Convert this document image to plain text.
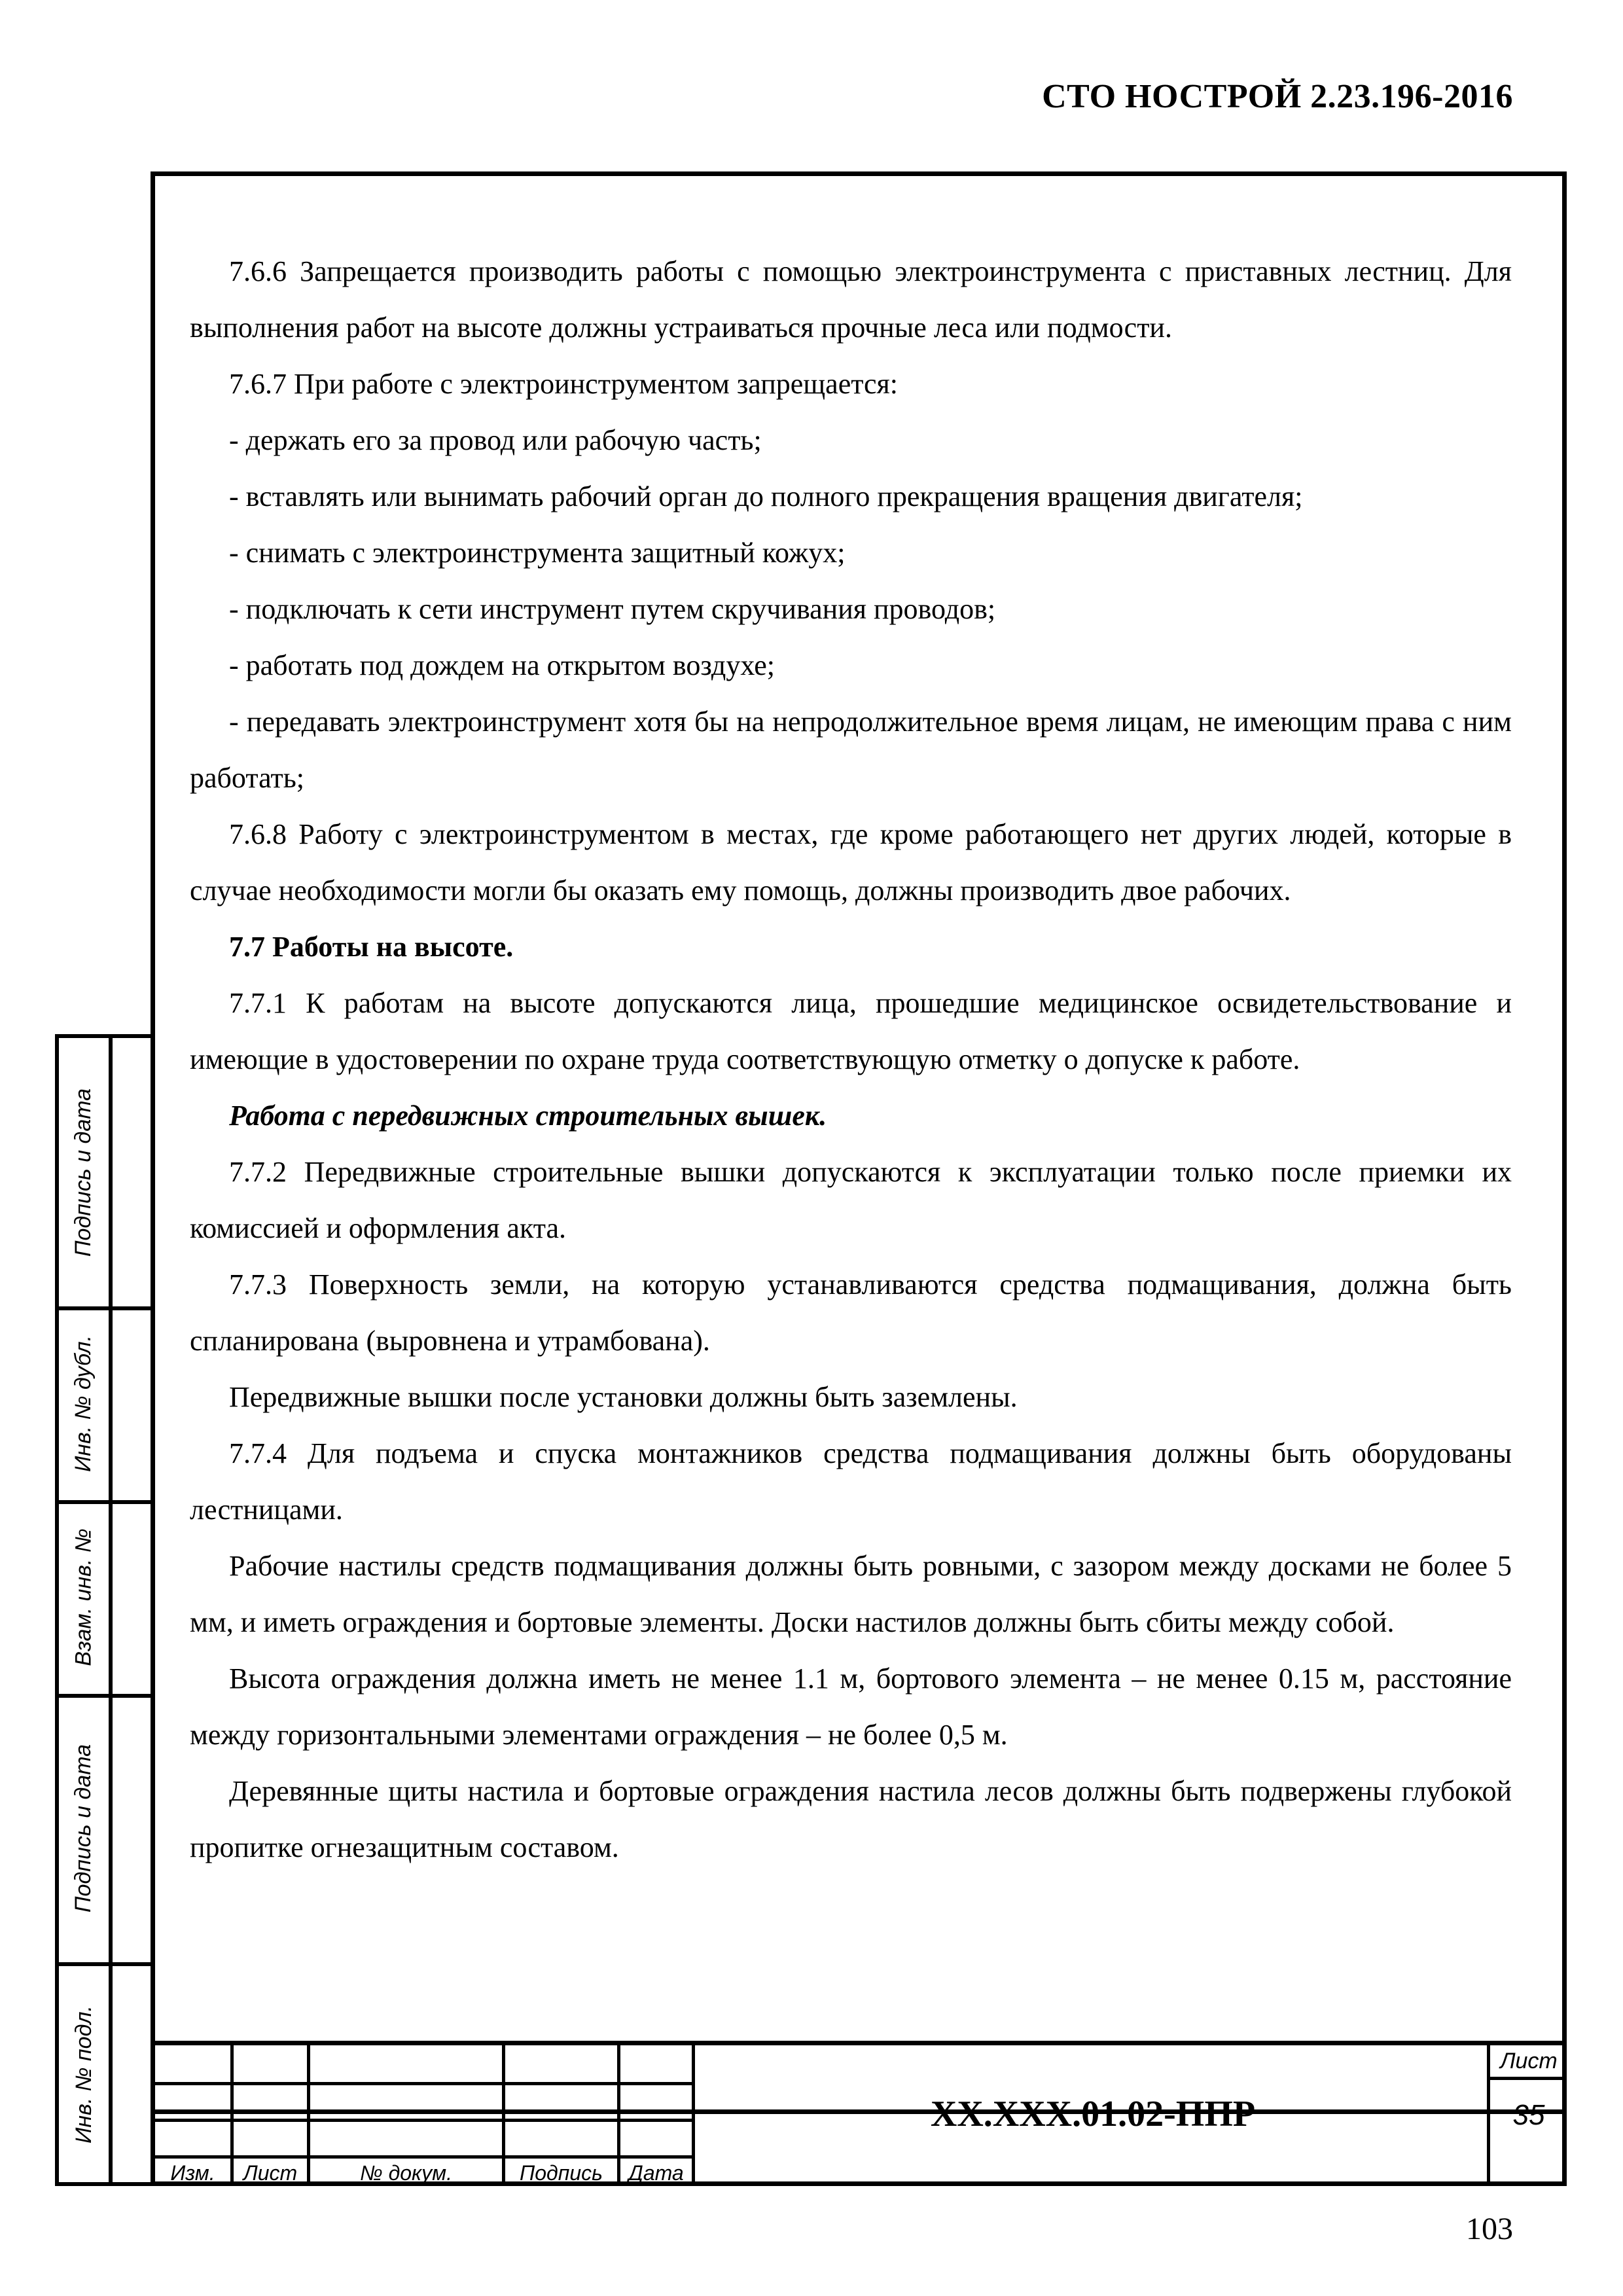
СТО НОСТРОЙ 2.23.196-2016

7.6.6 Запрещается производить работы с помощью электроинструмента с приставных лестниц. Для выполнения работ на высоте должны устраиваться прочные леса или подмости.

7.6.7 При работе с электроинструментом запрещается:

- держать его за провод или рабочую часть;

- вставлять или вынимать рабочий орган до полного прекращения вращения двигателя;

- снимать с электроинструмента защитный кожух;

- подключать к сети инструмент путем скручивания проводов;

- работать под дождем на открытом воздухе;

- передавать электроинструмент хотя бы на непродолжительное время лицам, не имеющим права с ним работать;

7.6.8 Работу с электроинструментом в местах, где кроме работающего нет других людей, которые в случае необходимости могли бы оказать ему помощь, должны производить двое рабочих.

7.7 Работы на высоте.

7.7.1 К работам на высоте допускаются лица, прошедшие медицинское освидетельствование и имеющие в удостоверении по охране труда соответствующую отметку о допуске к работе.

Работа с передвижных строительных вышек.

7.7.2 Передвижные строительные вышки допускаются к эксплуатации только после приемки их комиссией и оформления акта.

7.7.3 Поверхность земли, на которую устанавливаются средства подмащивания, должна быть спланирована (выровнена и утрамбована).

Передвижные вышки после установки должны быть заземлены.

7.7.4 Для подъема и спуска монтажников средства подмащивания должны быть оборудованы лестницами.

Рабочие настилы средств подмащивания должны быть ровными, с зазором между досками не более 5 мм, и иметь ограждения и бортовые элементы. Доски настилов должны быть сбиты между собой.

Высота ограждения должна иметь не менее 1.1 м, бортового элемента – не менее 0.15 м, расстояние между горизонтальными элементами ограждения – не более 0,5 м.

Деревянные щиты настила и бортовые ограждения настила лесов должны быть подвержены глубокой пропитке огнезащитным составом.

Подпись и дата
Инв. № дубл.
Взам. инв. №
Подпись и дата
Инв. № подл.
Изм.	Лист	№ докум.	Подпись	Дата
ХХ.ХХХ.01.02-ППР
Лист
35
103
